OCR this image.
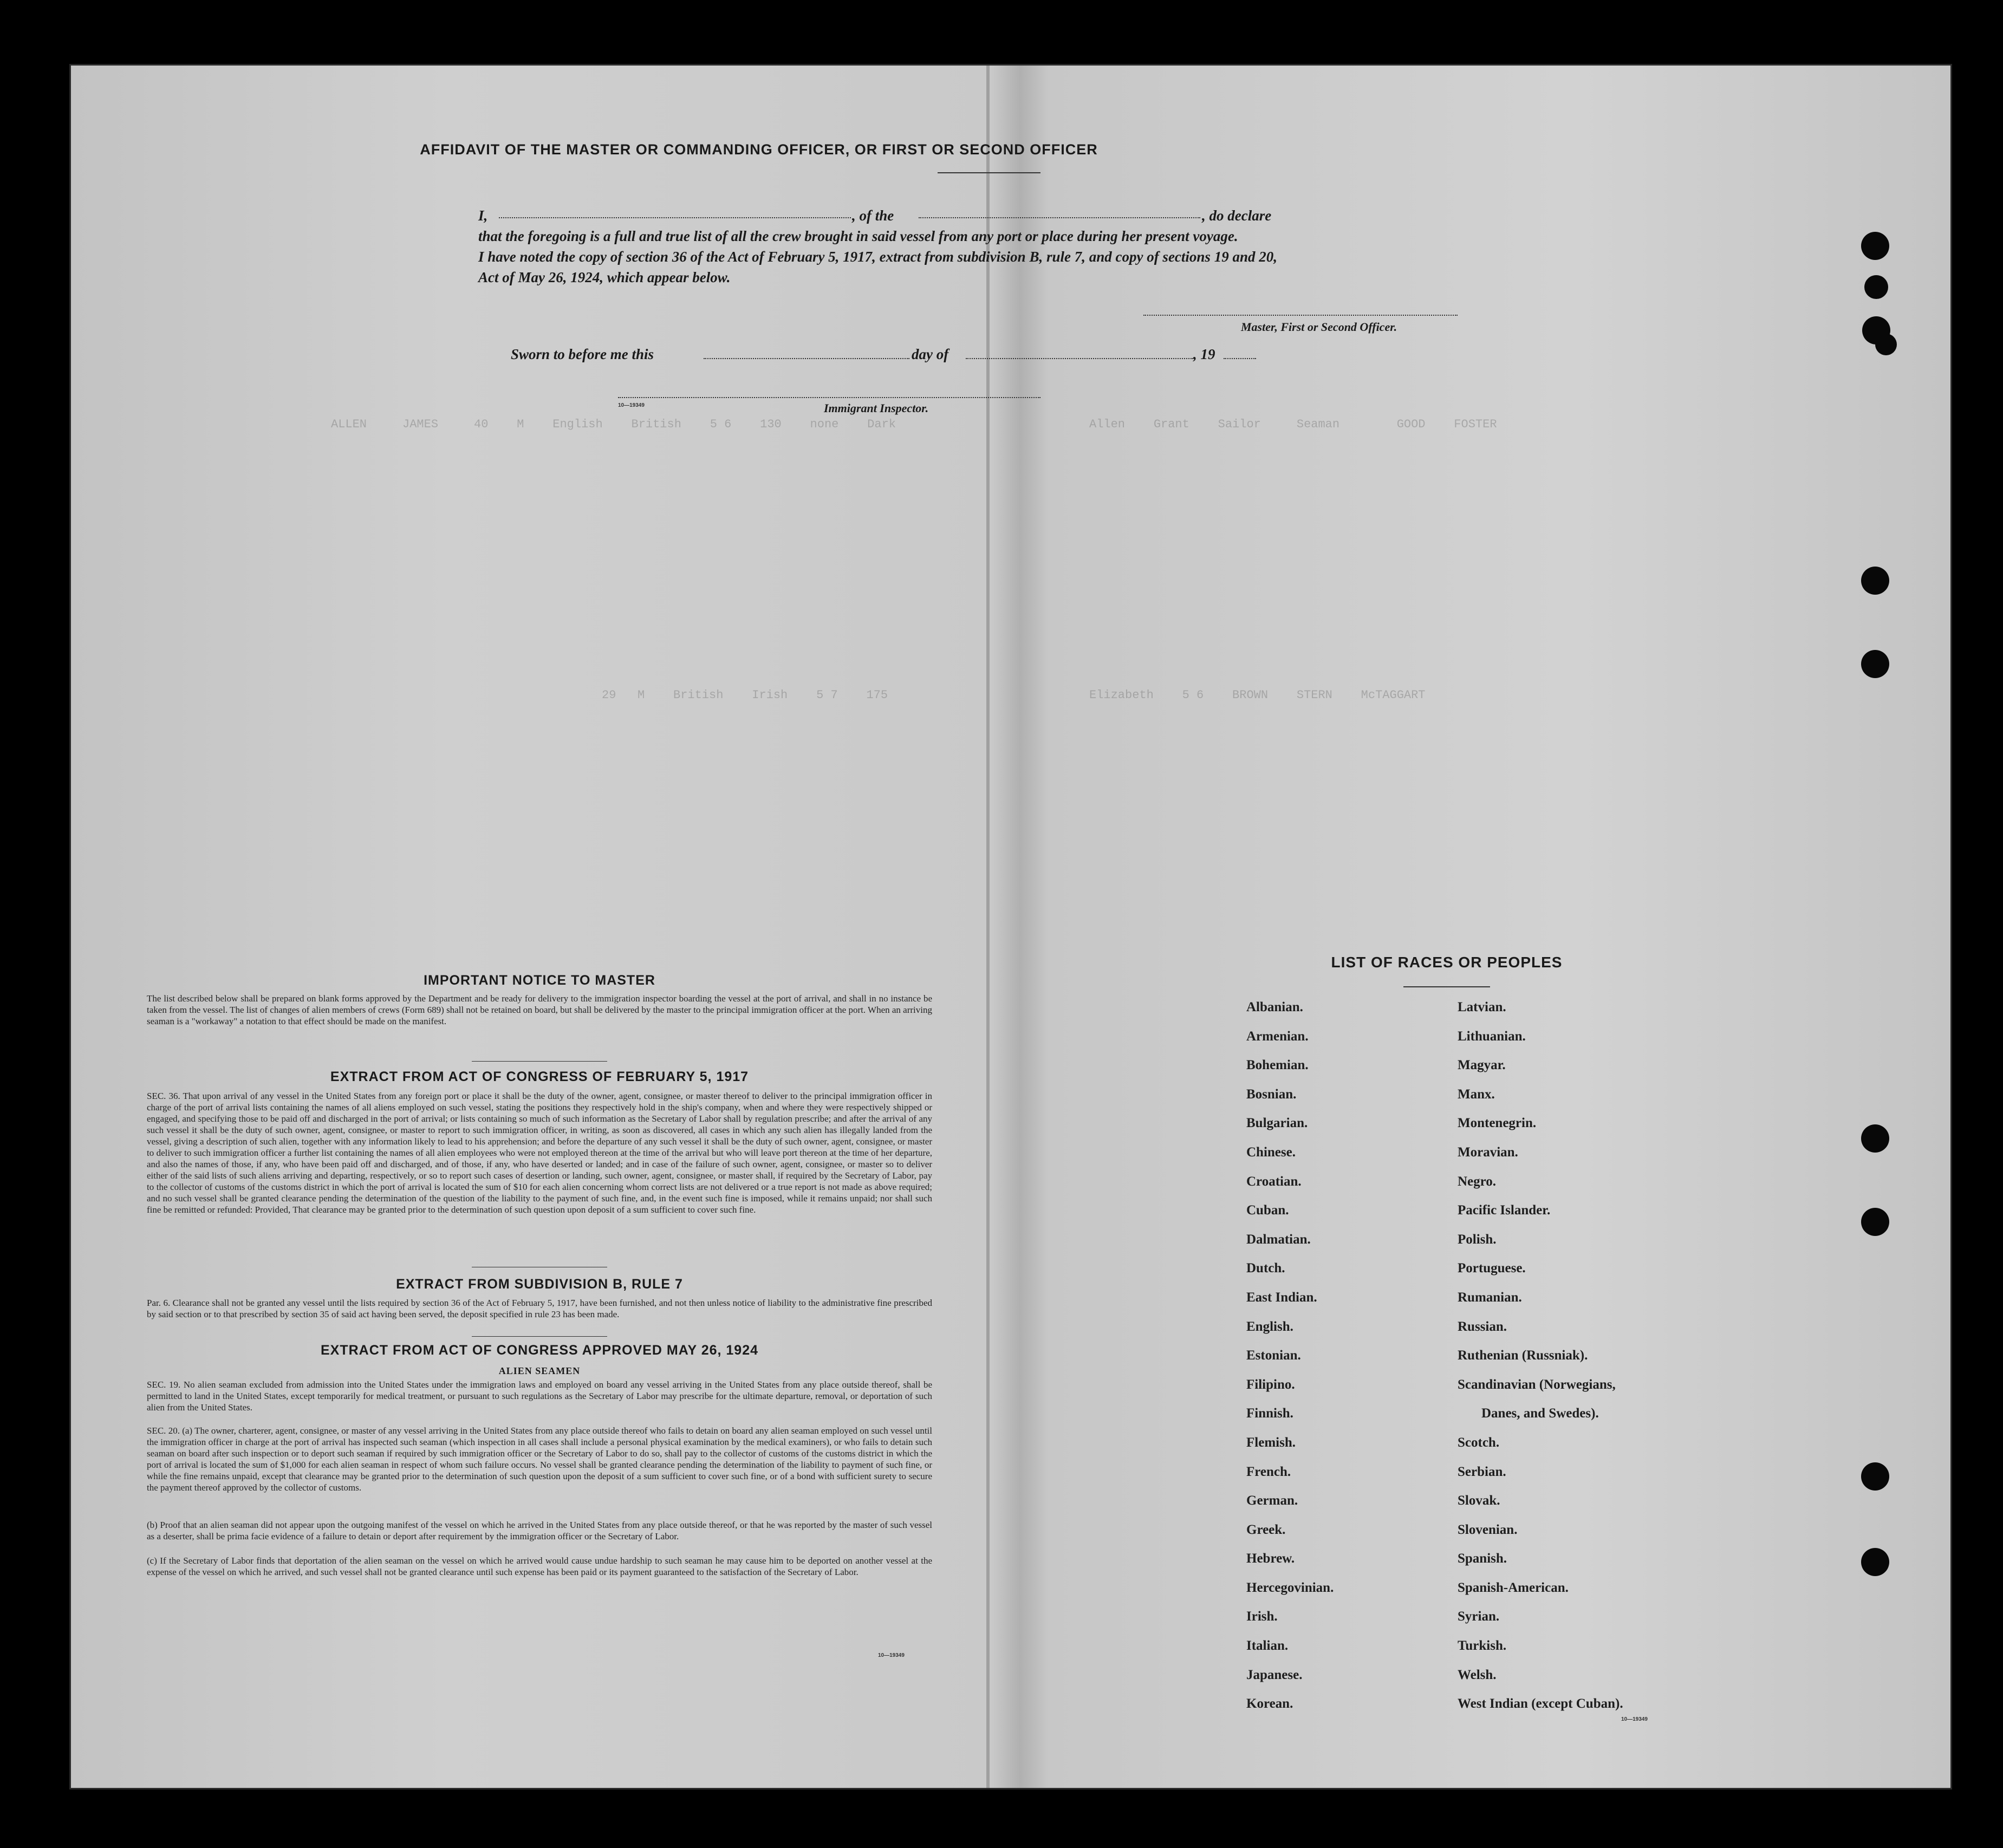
ALLEN     JAMES     40    M    English    British    5 6    130    none    Dark	Allen    Grant    Sailor     Seaman        GOOD    FOSTER
29   M    British    Irish    5 7    175	Elizabeth    5 6    BROWN    STERN    McTAGGART
AFFIDAVIT OF THE MASTER OR COMMANDING OFFICER, OR FIRST OR SECOND OFFICER
I,	, of the	, do declare
that the foregoing is a full and true list of all the crew brought in said vessel from any port or place during her present voyage.
I have noted the copy of section 36 of the Act of February 5, 1917, extract from subdivision B, rule 7, and copy of sections 19 and 20,
Act of May 26, 1924, which appear below.
Master, First or Second Officer.
Sworn to before me this	day of	, 19
10—19349	Immigrant Inspector.
IMPORTANT NOTICE TO MASTER
The list described below shall be prepared on blank forms approved by the Department and be ready for delivery to the immigration inspector boarding the vessel at the port of arrival, and shall in no instance be taken from the vessel. The list of changes of alien members of crews (Form 689) shall not be retained on board, but shall be delivered by the master to the principal immigration officer at the port. When an arriving seaman is a "workaway" a notation to that effect should be made on the manifest.
EXTRACT FROM ACT OF CONGRESS OF FEBRUARY 5, 1917
SEC. 36. That upon arrival of any vessel in the United States from any foreign port or place it shall be the duty of the owner, agent, consignee, or master thereof to deliver to the principal immigration officer in charge of the port of arrival lists containing the names of all aliens employed on such vessel, stating the positions they respectively hold in the ship's company, when and where they were respectively shipped or engaged, and specifying those to be paid off and discharged in the port of arrival; or lists containing so much of such information as the Secretary of Labor shall by regulation prescribe; and after the arrival of any such vessel it shall be the duty of such owner, agent, consignee, or master to report to such immigration officer, in writing, as soon as discovered, all cases in which any such alien has illegally landed from the vessel, giving a description of such alien, together with any information likely to lead to his apprehension; and before the departure of any such vessel it shall be the duty of such owner, agent, consignee, or master to deliver to such immigration officer a further list containing the names of all alien employees who were not employed thereon at the time of the arrival but who will leave port thereon at the time of her departure, and also the names of those, if any, who have been paid off and discharged, and of those, if any, who have deserted or landed; and in case of the failure of such owner, agent, consignee, or master so to deliver either of the said lists of such aliens arriving and departing, respectively, or so to report such cases of desertion or landing, such owner, agent, consignee, or master shall, if required by the Secretary of Labor, pay to the collector of customs of the customs district in which the port of arrival is located the sum of $10 for each alien concerning whom correct lists are not delivered or a true report is not made as above required; and no such vessel shall be granted clearance pending the determination of the question of the liability to the payment of such fine, and, in the event such fine is imposed, while it remains unpaid; nor shall such fine be remitted or refunded: Provided, That clearance may be granted prior to the determination of such question upon deposit of a sum sufficient to cover such fine.
EXTRACT FROM SUBDIVISION B, RULE 7
Par. 6. Clearance shall not be granted any vessel until the lists required by section 36 of the Act of February 5, 1917, have been furnished, and not then unless notice of liability to the administrative fine prescribed by said section or to that prescribed by section 35 of said act having been served, the deposit specified in rule 23 has been made.
EXTRACT FROM ACT OF CONGRESS APPROVED MAY 26, 1924
ALIEN SEAMEN
SEC. 19. No alien seaman excluded from admission into the United States under the immigration laws and employed on board any vessel arriving in the United States from any place outside thereof, shall be permitted to land in the United States, except temporarily for medical treatment, or pursuant to such regulations as the Secretary of Labor may prescribe for the ultimate departure, removal, or deportation of such alien from the United States.
SEC. 20. (a) The owner, charterer, agent, consignee, or master of any vessel arriving in the United States from any place outside thereof who fails to detain on board any alien seaman employed on such vessel until the immigration officer in charge at the port of arrival has inspected such seaman (which inspection in all cases shall include a personal physical examination by the medical examiners), or who fails to detain such seaman on board after such inspection or to deport such seaman if required by such immigration officer or the Secretary of Labor to do so, shall pay to the collector of customs of the customs district in which the port of arrival is located the sum of $1,000 for each alien seaman in respect of whom such failure occurs. No vessel shall be granted clearance pending the determination of the liability to payment of such fine, or while the fine remains unpaid, except that clearance may be granted prior to the determination of such question upon the deposit of a sum sufficient to cover such fine, or of a bond with sufficient surety to secure the payment thereof approved by the collector of customs.
(b) Proof that an alien seaman did not appear upon the outgoing manifest of the vessel on which he arrived in the United States from any place outside thereof, or that he was reported by the master of such vessel as a deserter, shall be prima facie evidence of a failure to detain or deport after requirement by the immigration officer or the Secretary of Labor.
(c) If the Secretary of Labor finds that deportation of the alien seaman on the vessel on which he arrived would cause undue hardship to such seaman he may cause him to be deported on another vessel at the expense of the vessel on which he arrived, and such vessel shall not be granted clearance until such expense has been paid or its payment guaranteed to the satisfaction of the Secretary of Labor.
10—19349
LIST OF RACES OR PEOPLES
Albanian.
Armenian.
Bohemian.
Bosnian.
Bulgarian.
Chinese.
Croatian.
Cuban.
Dalmatian.
Dutch.
East Indian.
English.
Estonian.
Filipino.
Finnish.
Flemish.
French.
German.
Greek.
Hebrew.
Hercegovinian.
Irish.
Italian.
Japanese.
Korean.
Latvian.
Lithuanian.
Magyar.
Manx.
Montenegrin.
Moravian.
Negro.
Pacific Islander.
Polish.
Portuguese.
Rumanian.
Russian.
Ruthenian (Russniak).
Scandinavian (Norwegians,
Danes, and Swedes).
Scotch.
Serbian.
Slovak.
Slovenian.
Spanish.
Spanish-American.
Syrian.
Turkish.
Welsh.
West Indian (except Cuban).
10—19349
